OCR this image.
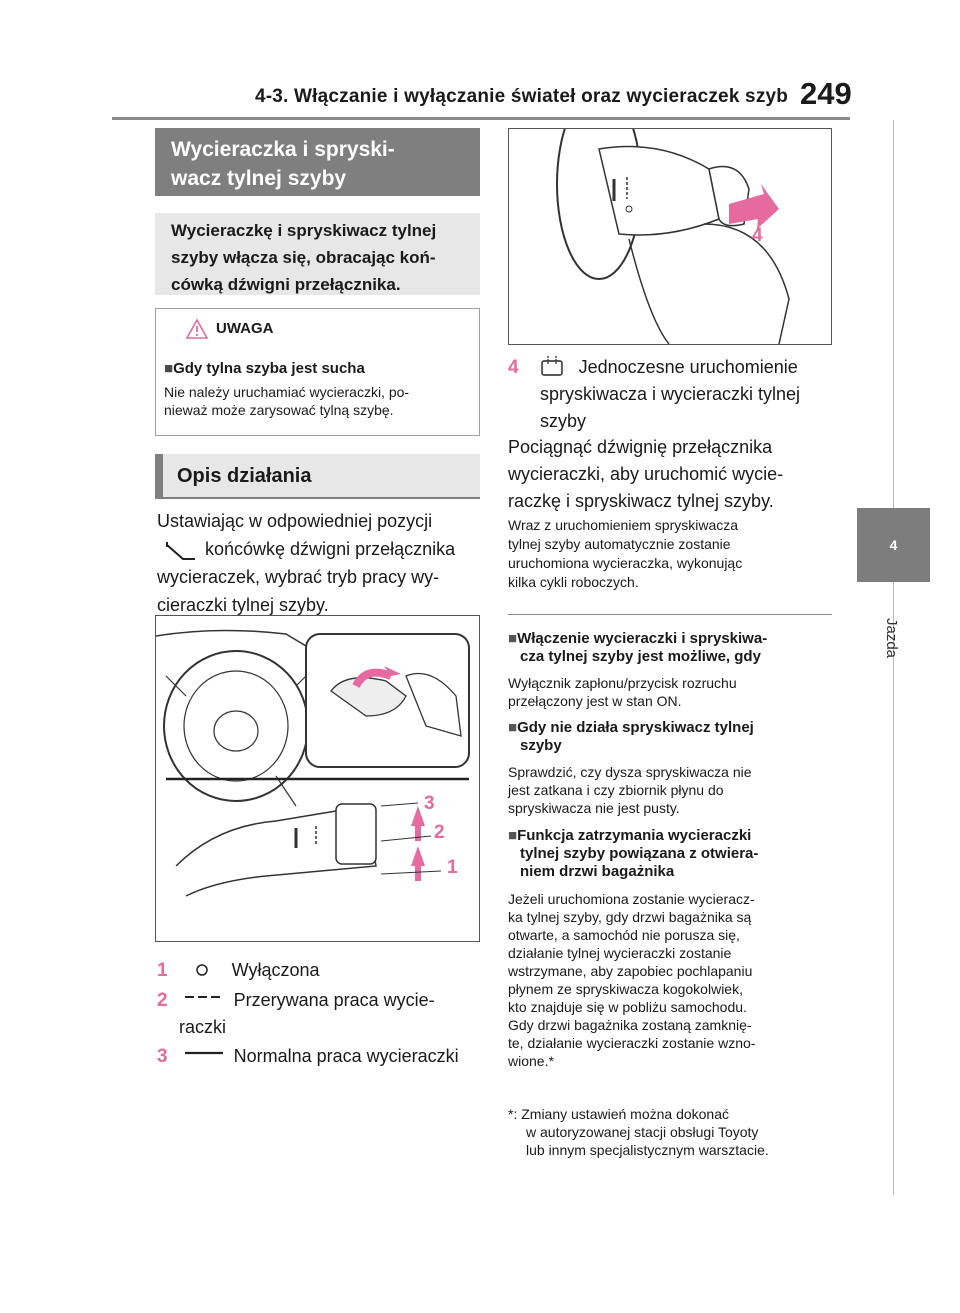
4-3. Włączanie i wyłączanie świateł oraz wycieraczek szyb 249
4
Jazda
Wycieraczka i spryski-
wacz tylnej szyby
Wycieraczkę i spryskiwacz tylnej
szyby włącza się, obracając koń-
cówką dźwigni przełącznika.
UWAGA
■Gdy tylna szyba jest sucha
Nie należy uruchamiać wycieraczki, po-
nieważ może zarysować tylną szybę.
Opis działania
Ustawiając w odpowiedniej pozycji
końcówkę dźwigni przełącznika
wycieraczek, wybrać tryb pracy wy-
cieraczki tylnej szyby.
3
2
1
1	Wyłączona
2	Przerywana praca wycie-
raczki
3	Normalna praca wycieraczki
4
4	Jednoczesne uruchomienie
spryskiwacza i wycieraczki tylnej
szyby
Pociągnąć dźwignię przełącznika
wycieraczki, aby uruchomić wycie-
raczkę i spryskiwacz tylnej szyby.
Wraz z uruchomieniem spryskiwacza
tylnej szyby automatycznie zostanie
uruchomiona wycieraczka, wykonując
kilka cykli roboczych.
■Włączenie wycieraczki i spryskiwa-
cza tylnej szyby jest możliwe, gdy
Wyłącznik zapłonu/przycisk rozruchu
przełączony jest w stan ON.
■Gdy nie działa spryskiwacz tylnej
szyby
Sprawdzić, czy dysza spryskiwacza nie
jest zatkana i czy zbiornik płynu do
spryskiwacza nie jest pusty.
■Funkcja zatrzymania wycieraczki
tylnej szyby powiązana z otwiera-
niem drzwi bagażnika
Jeżeli uruchomiona zostanie wycieracz-
ka tylnej szyby, gdy drzwi bagażnika są
otwarte, a samochód nie porusza się,
działanie tylnej wycieraczki zostanie
wstrzymane, aby zapobiec pochlapaniu
płynem ze spryskiwacza kogokolwiek,
kto znajduje się w pobliżu samochodu.
Gdy drzwi bagażnika zostaną zamknię-
te, działanie wycieraczki zostanie wzno-
wione.*
*: Zmiany ustawień można dokonać
w autoryzowanej stacji obsługi Toyoty
lub innym specjalistycznym warsztacie.
